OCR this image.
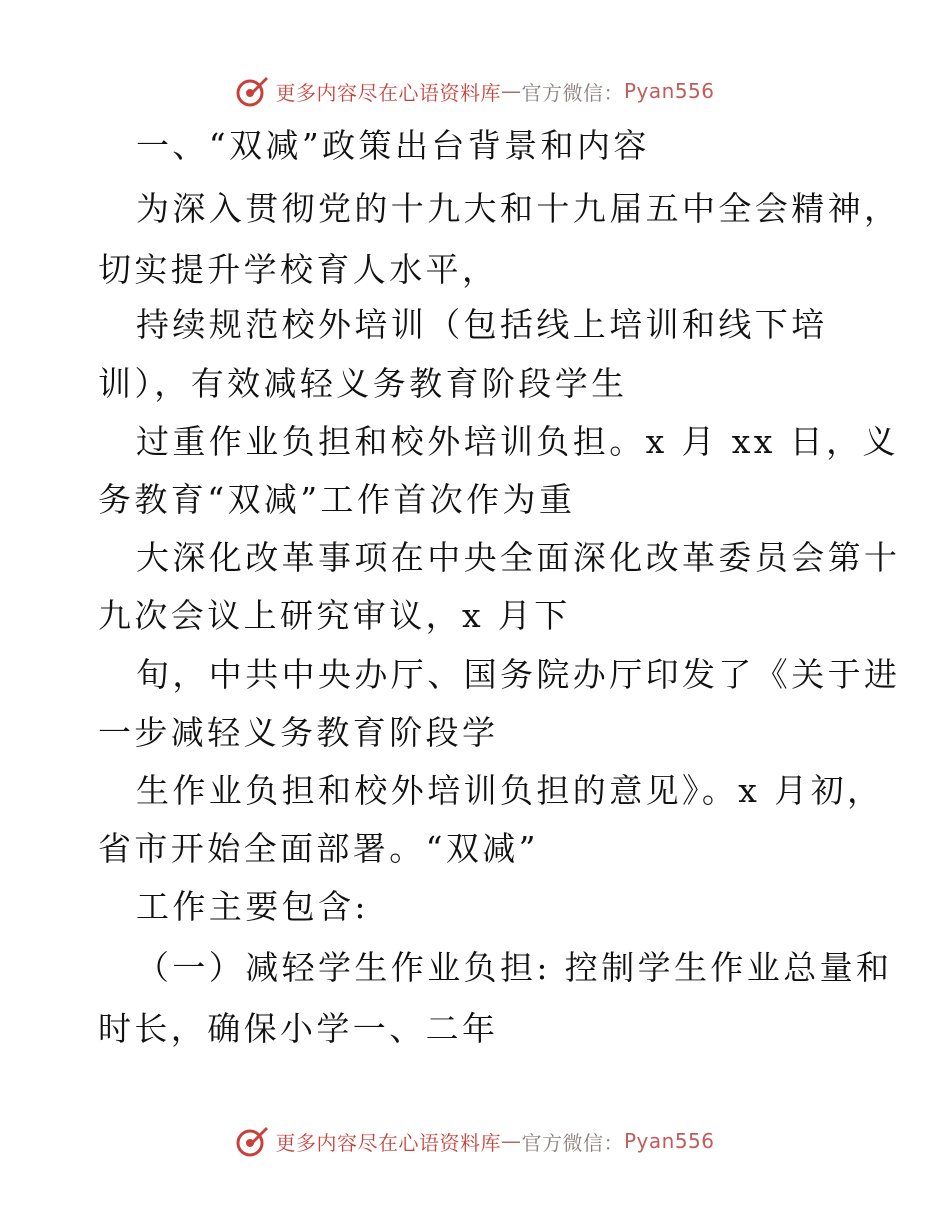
更多内容尽在心语资料库 — 官方微信： Pyan556
一、“双减”政策出台背景和内容
为深入贯彻党的十九大和十九届五中全会精神，
切实提升学校育人水平，
持续规范校外培训（包括线上培训和线下培
训），有效减轻义务教育阶段学生
过重作业负担和校外培训负担。x 月 xx 日，义
务教育“双减”工作首次作为重
大深化改革事项在中央全面深化改革委员会第十
九次会议上研究审议，x 月下
旬，中共中央办厅、国务院办厅印发了《关于进
一步减轻义务教育阶段学
生作业负担和校外培训负担的意见》。x 月初，
省市开始全面部署。“双减”
工作主要包含:
（一）减轻学生作业负担: 控制学生作业总量和
时长，确保小学一、二年
更多内容尽在心语资料库 — 官方微信： Pyan556
